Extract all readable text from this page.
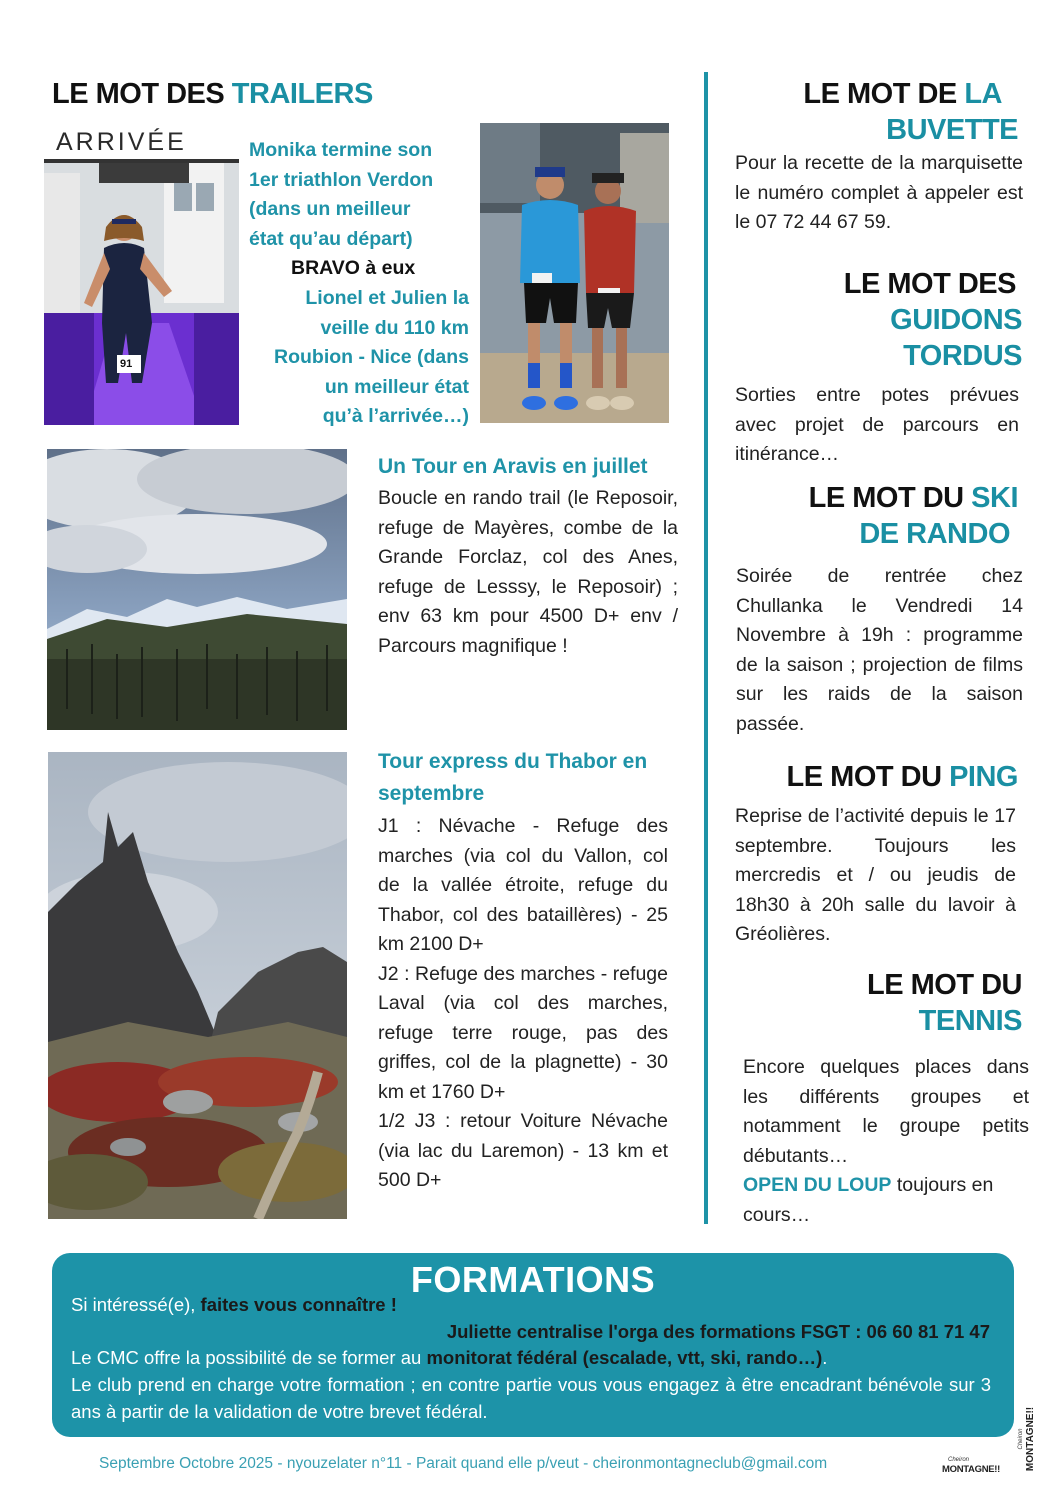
LE MOT DES TRAILERS
ARRIVÉE
91
Monika termine son
1er triathlon Verdon
(dans un meilleur
état qu’au départ)
BRAVO à eux
Lionel et Julien la
veille du 110 km
Roubion - Nice (dans
un meilleur état
qu’à l’arrivée…)
Un Tour en Aravis en juillet
Boucle en rando trail (le Reposoir, refuge de Mayères, combe de la Grande Forclaz, col des Anes, refuge de Lesssy, le Reposoir) ; env 63 km pour 4500 D+ env / Parcours magnifique !
Tour express du Thabor en septembre
J1 : Névache - Refuge des marches (via col du Vallon, col de la vallée étroite, refuge du Thabor, col des bataillères) - 25 km 2100 D+
J2 : Refuge des marches - refuge Laval (via col des marches, refuge terre rouge, pas des griffes, col de la plagnette) - 30 km et 1760 D+
1/2 J3 : retour Voiture Névache (via lac du Laremon) - 13 km et 500 D+
LE MOT DE LA
BUVETTE
Pour la recette de la marquisette le numéro complet à appeler est le 07 72 44 67 59.
LE MOT DES
GUIDONS
TORDUS
Sorties entre potes prévues avec projet de parcours en itinérance…
LE MOT DU SKI
DE RANDO
Soirée de rentrée chez Chullanka le Vendredi 14 Novembre à 19h : programme de la saison ; projection de films sur les raids de la saison passée.
LE MOT DU PING
Reprise de l’activité depuis le 17 septembre. Toujours les mercredis et / ou jeudis de 18h30 à 20h salle du lavoir à Gréolières.
LE MOT DU
TENNIS
Encore quelques places dans les différents groupes et notamment le groupe petits débutants…
OPEN DU LOUP toujours en cours…
FORMATIONS
Si intéressé(e), faites vous connaître !
Juliette centralise l'orga des formations FSGT : 06 60 81 71 47
Le CMC offre la possibilité de se former au monitorat fédéral (escalade, vtt, ski, rando…).
Le club prend en charge votre formation ; en contre partie vous vous engagez à être encadrant bénévole sur 3 ans à partir de la validation de votre brevet fédéral.
Septembre Octobre 2025 - nyouzelater n°11 - Parait quand elle p/veut - cheironmontagneclub@gmail.com	Cheiron
MONTAGNE!!
Cheiron MONTAGNE!!
